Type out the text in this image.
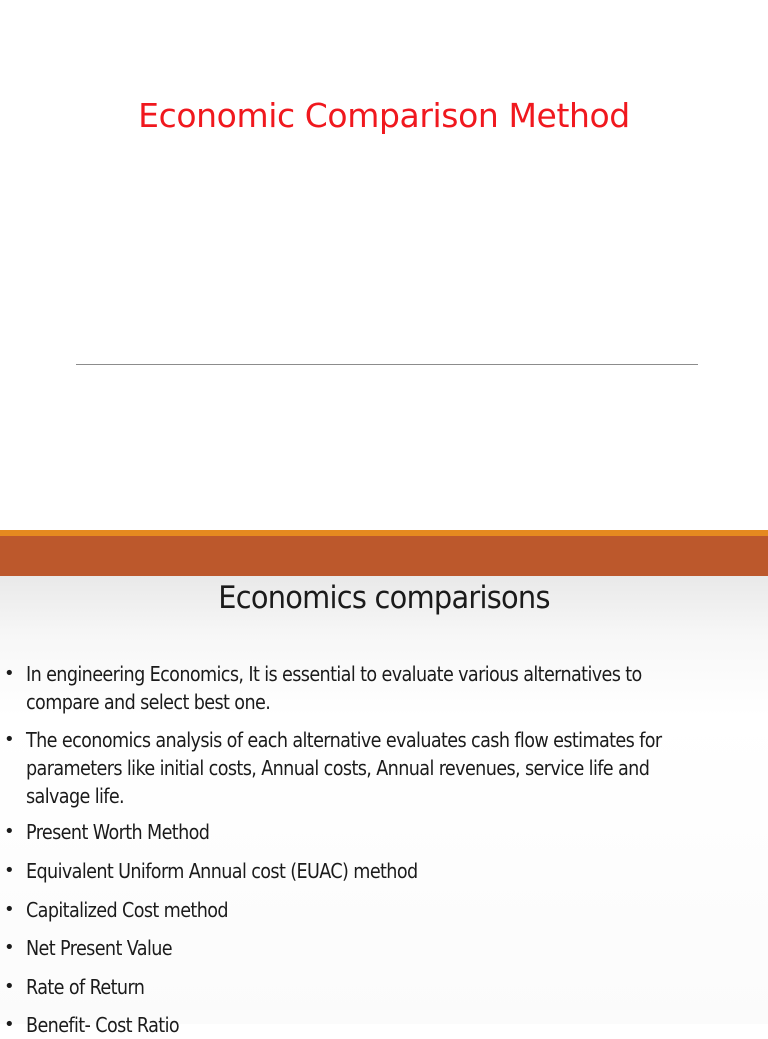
Economic Comparison Method
Economics comparisons
• In engineering Economics, It is essential to evaluate various alternatives to compare and select best one.
• The economics analysis of each alternative evaluates cash flow estimates for parameters like initial costs, Annual costs, Annual revenues, service life and salvage life.
• Present Worth Method
• Equivalent Uniform Annual cost (EUAC) method
• Capitalized Cost method
• Net Present Value
• Rate of Return
• Benefit- Cost Ratio
